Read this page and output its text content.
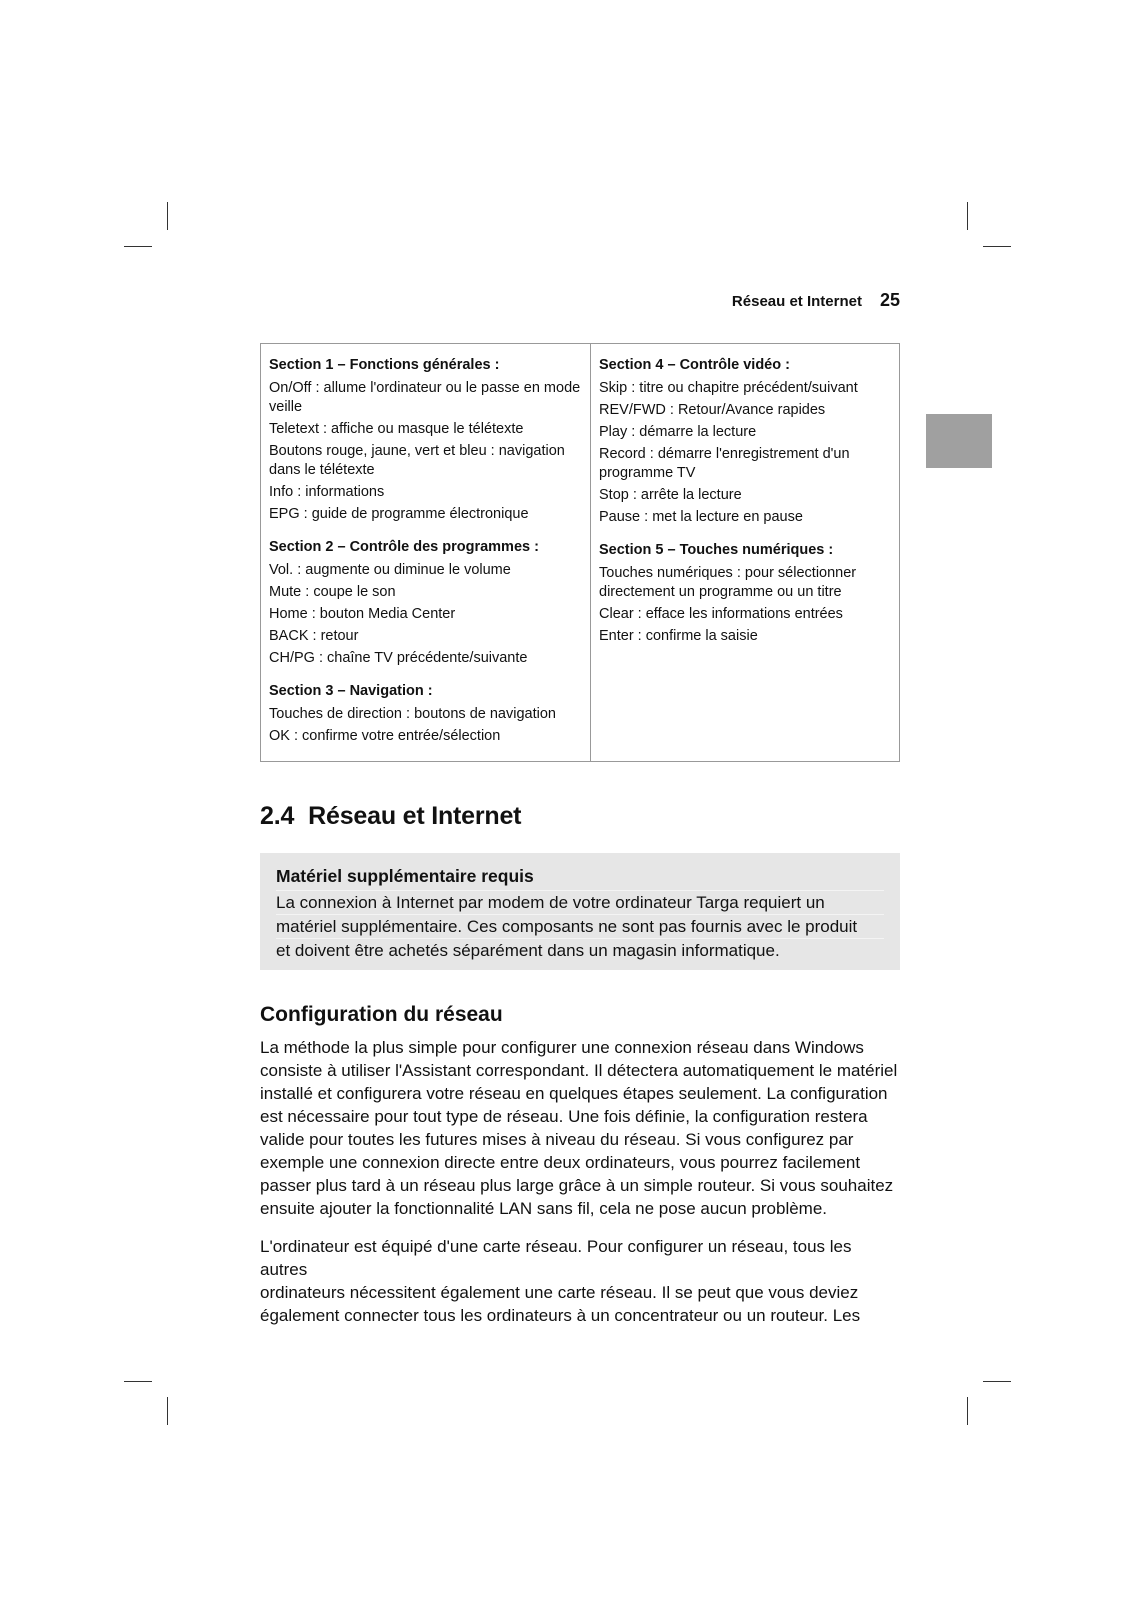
Réseau et Internet 25
Section 1 – Fonctions générales :
On/Off : allume l'ordinateur ou le passe en mode veille
Teletext : affiche ou masque le télétexte
Boutons rouge, jaune, vert et bleu : navigation dans le télétexte
Info : informations
EPG : guide de programme électronique
Section 2 – Contrôle des programmes :
Vol. : augmente ou diminue le volume
Mute : coupe le son
Home : bouton Media Center
BACK : retour
CH/PG : chaîne TV précédente/suivante
Section 3 – Navigation :
Touches de direction : boutons de navigation
OK : confirme votre entrée/sélection
Section 4 – Contrôle vidéo :
Skip : titre ou chapitre précédent/suivant
REV/FWD : Retour/Avance rapides
Play : démarre la lecture
Record : démarre l'enregistrement d'un programme TV
Stop : arrête la lecture
Pause : met la lecture en pause
Section 5 – Touches numériques :
Touches numériques : pour sélectionner directement un programme ou un titre
Clear : efface les informations entrées
Enter : confirme la saisie
2.4 Réseau et Internet
Matériel supplémentaire requis
La connexion à Internet par modem de votre ordinateur Targa requiert un
matériel supplémentaire. Ces composants ne sont pas fournis avec le produit
et doivent être achetés séparément dans un magasin informatique.
Configuration du réseau

La méthode la plus simple pour configurer une connexion réseau dans Windows

consiste à utiliser l'Assistant correspondant. Il détectera automatiquement le matériel

installé et configurera votre réseau en quelques étapes seulement. La configuration

est nécessaire pour tout type de réseau. Une fois définie, la configuration restera

valide pour toutes les futures mises à niveau du réseau. Si vous configurez par

exemple une connexion directe entre deux ordinateurs, vous pourrez facilement

passer plus tard à un réseau plus large grâce à un simple routeur. Si vous souhaitez

ensuite ajouter la fonctionnalité LAN sans fil, cela ne pose aucun problème.

L'ordinateur est équipé d'une carte réseau. Pour configurer un réseau, tous les autres

ordinateurs nécessitent également une carte réseau. Il se peut que vous deviez

également connecter tous les ordinateurs à un concentrateur ou un routeur. Les
